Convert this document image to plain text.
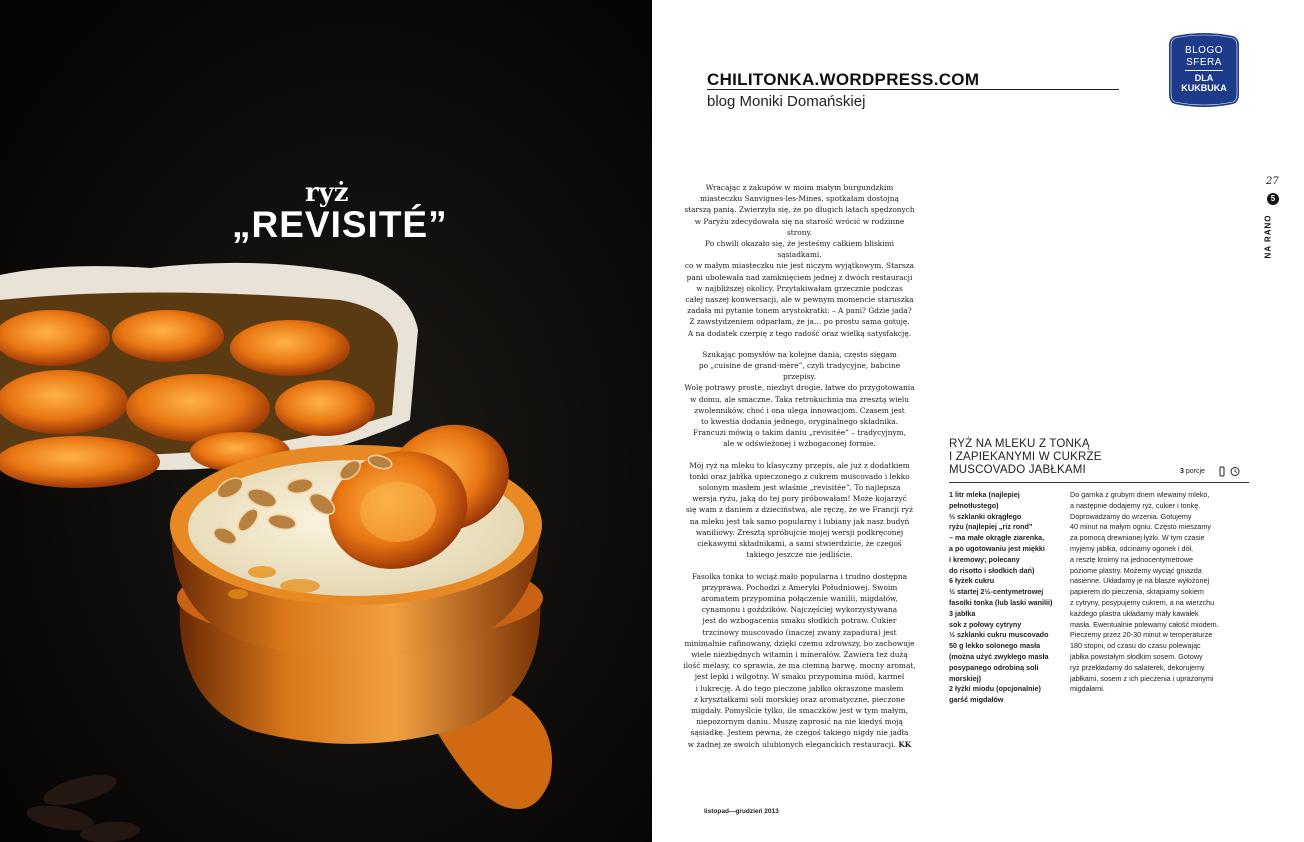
ryż
„REVISITÉ”
BLOGO
SFERA
DLA
KUKBUKA
CHILITONKA.WORDPRESS.COM
blog Moniki Domańskiej
27
5
NA RANO

Wracając z zakupów w moim małym burgundzkim
miasteczku Sanvignes-les-Mines, spotkałam dostojną
starszą panią. Zwierzyła się, że po długich latach spędzonych
w Paryżu zdecydowała się na starość wrócić w rodzinne strony.
Po chwili okazało się, że jesteśmy całkiem bliskimi sąsiadkami,
co w małym miasteczku nie jest niczym wyjątkowym. Starsza
pani ubolewała nad zamknięciem jednej z dwóch restauracji
w najbliższej okolicy. Przytakiwałam grzecznie podczas
całej naszej konwersacji, ale w pewnym momencie staruszka
zadała mi pytanie tonem arystokratki: – A pani? Gdzie jada?
Z zawstydzeniem odparłam, że ja… po prostu sama gotuję.
A na dodatek czerpię z tego radość oraz wielką satysfakcję.

Szukając pomysłów na kolejne dania, często sięgam
po „cuisine de grand-mère”, czyli tradycyjne, babcine przepisy.
Wolę potrawy proste, niezbyt drogie, łatwe do przygotowania
w domu, ale smaczne. Taka retrokuchnia ma zresztą wielu
zwolenników, choć i ona ulega innowacjom. Czasem jest
to kwestia dodania jednego, oryginalnego składnika.
Francuzi mówią o takim daniu „revisitée” – tradycyjnym,
ale w odświeżonej i wzbogaconej formie.

Mój ryż na mleku to klasyczny przepis, ale już z dodatkiem
tonki oraz jabłka upieczonego z cukrem muscovado i lekko
solonym masłem jest właśnie „revisitée”. To najlepsza
wersja ryżu, jaką do tej pory próbowałam! Może kojarzyć
się wam z daniem z dzieciństwa, ale ręczę, że we Francji ryż
na mleku jest tak samo popularny i lubiany jak nasz budyń
waniliowy. Zresztą spróbujcie mojej wersji podkręconej
ciekawymi składnikami, a sami stwierdzicie, że czegoś
takiego jeszcze nie jedliście.

Fasolka tonka to wciąż mało popularna i trudno dostępna
przyprawa. Pochodzi z Ameryki Południowej. Swoim
aromatem przypomina połączenie wanilii, migdałów,
cynamonu i goździków. Najczęściej wykorzystywana
jest do wzbogacenia smaku słodkich potraw. Cukier
trzcinowy muscovado (inaczej zwany zapadura) jest
minimalnie rafinowany, dzięki czemu zdrowszy, bo zachowuje
wiele niezbędnych witamin i minerałów. Zawiera też dużą
ilość melasy, co sprawia, że ma ciemną barwę, mocny aromat,
jest lepki i wilgotny. W smaku przypomina miód, karmel
i lukrecję. A do tego pieczone jabłko okraszone masłem
z kryształkami soli morskiej oraz aromatyczne, pieczone
migdały. Pomyślcie tylko, ile smaczków jest w tym małym,
niepozornym daniu. Muszę zaprosić na nie kiedyś moją
sąsiadkę. Jestem pewna, że czegoś takiego nigdy nie jadła
w żadnej ze swoich ulubionych eleganckich restauracji. KK

RYŻ NA MLEKU Z TONKĄ
I ZAPIEKANYMI W CUKRZE
MUSCOVADO JABŁKAMI	3 porcje
1 litr mleka (najlepiej
pełnotłustego)
⅔ szklanki okrągłego
ryżu (najlepiej „riz rond”
– ma małe okrągłe ziarenka,
a po ugotowaniu jest miękki
i kremowy; polecany
do risotto i słodkich dań)
6 łyżek cukru
½ startej 2½-centymetrowej
fasolki tonka (lub laski wanilii)
3 jabłka
sok z połowy cytryny
½ szklanki cukru muscovado
50 g lekko solonego masła
(można użyć zwykłego masła
posypanego odrobiną soli
morskiej)
2 łyżki miodu (opcjonalnie)
garść migdałów
Do garnka z grubym dnem wlewamy mleko,
a następnie dodajemy ryż, cukier i tonkę.
Doprowadzamy do wrzenia. Gotujemy
40 minut na małym ogniu. Często mieszamy
za pomocą drewnianej łyżki. W tym czasie
myjemy jabłka, odcinamy ogonek i dół,
a resztę kroimy na jednocentymetrowe
poziome plastry. Możemy wyciąć gniazda
nasienne. Układamy je na blasze wyłożonej
papierem do pieczenia, skrapiamy sokiem
z cytryny, posypujemy cukrem, a na wierzchu
każdego plastra układamy mały kawałek
masła. Ewentualnie polewamy całość miodem.
Pieczemy przez 20-30 minut w temperaturze
180 stopni, od czasu do czasu polewając
jabłka powstałym słodkim sosem. Gotowy
ryż przekładamy do salaterek, dekorujemy
jabłkami, sosem z ich pieczenia i uprażonymi
migdałami.
listopad—grudzień 2013
